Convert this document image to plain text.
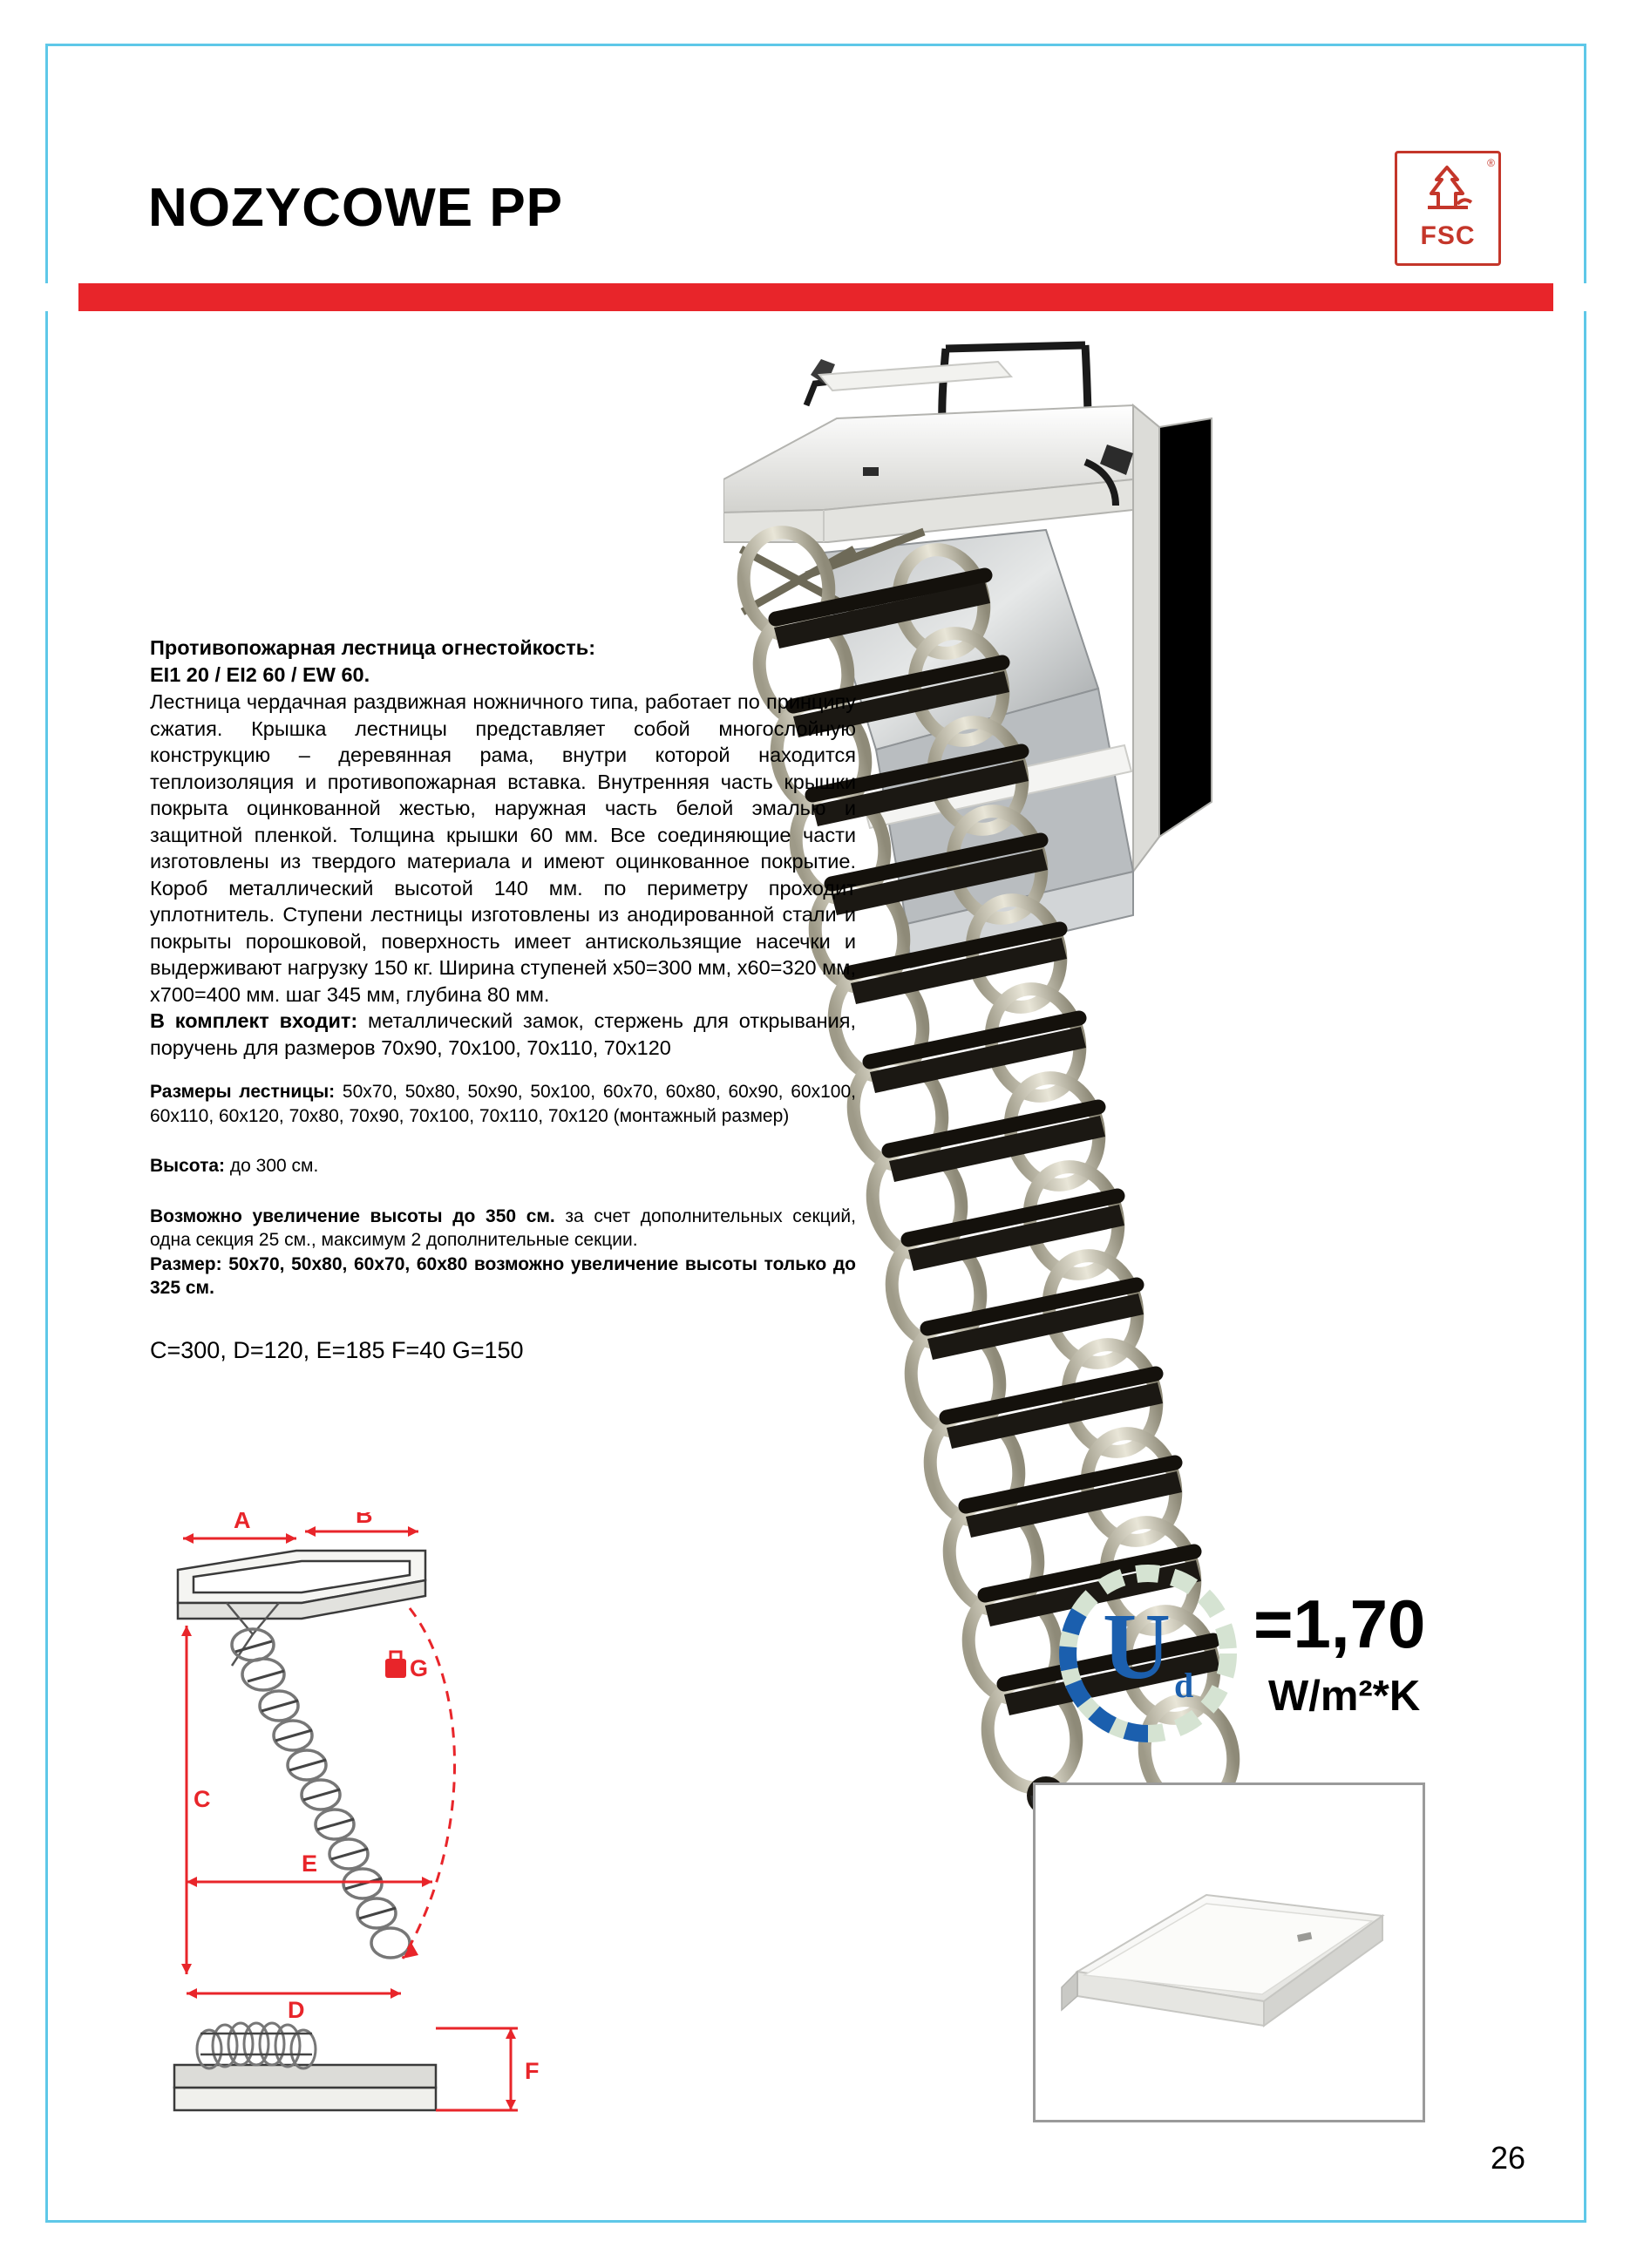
NOZYCOWE PP
®
FSC
Противопожарная лестница огнестойкость:
EI1 20 / EI2 60 / EW 60.

Лестница чердачная раздвижная ножничного типа, работает по принципу сжатия. Крышка лестницы представляет собой многослойную конструкцию – деревянная рама, внутри которой находится теплоизоляция и противопожарная вставка. Внутренняя часть крышки покрыта оцинкованной жестью, наружная часть белой эмалью и защитной пленкой. Толщина крышки 60 мм. Все соединяющие части изготовлены из твердого материала и имеют оцинкованное покрытие. Короб металлический высотой 140 мм. по периметру проходит уплотнитель. Ступени лестницы изготовлены из анодированной стали и покрыты порошковой, поверхность имеет антискользящие насечки и выдерживают нагрузку 150 кг. Ширина ступеней х50=300 мм, х60=320 мм, х700=400 мм. шаг 345 мм, глубина 80 мм.

В комплект входит: металлический замок, стержень для открывания, поручень для размеров 70x90, 70x100, 70x110, 70x120

Размеры лестницы: 50x70, 50x80, 50x90, 50x100, 60x70, 60x80, 60x90, 60x100, 60x110, 60x120, 70x80, 70x90, 70x100, 70x110, 70x120 (монтажный размер)

Высота: до 300 см.

Возможно увеличение высоты до 350 см. за счет дополнительных секций, одна секция 25 см., максимум 2 дополнительные секции.

Размер: 50x70, 50x80, 60x70, 60x80 возможно увеличение высоты только до 325 см.

C=300, D=120, E=185 F=40 G=150

A	B
G
C
E
D
F
U d
=1,70
W/m²*K
26
